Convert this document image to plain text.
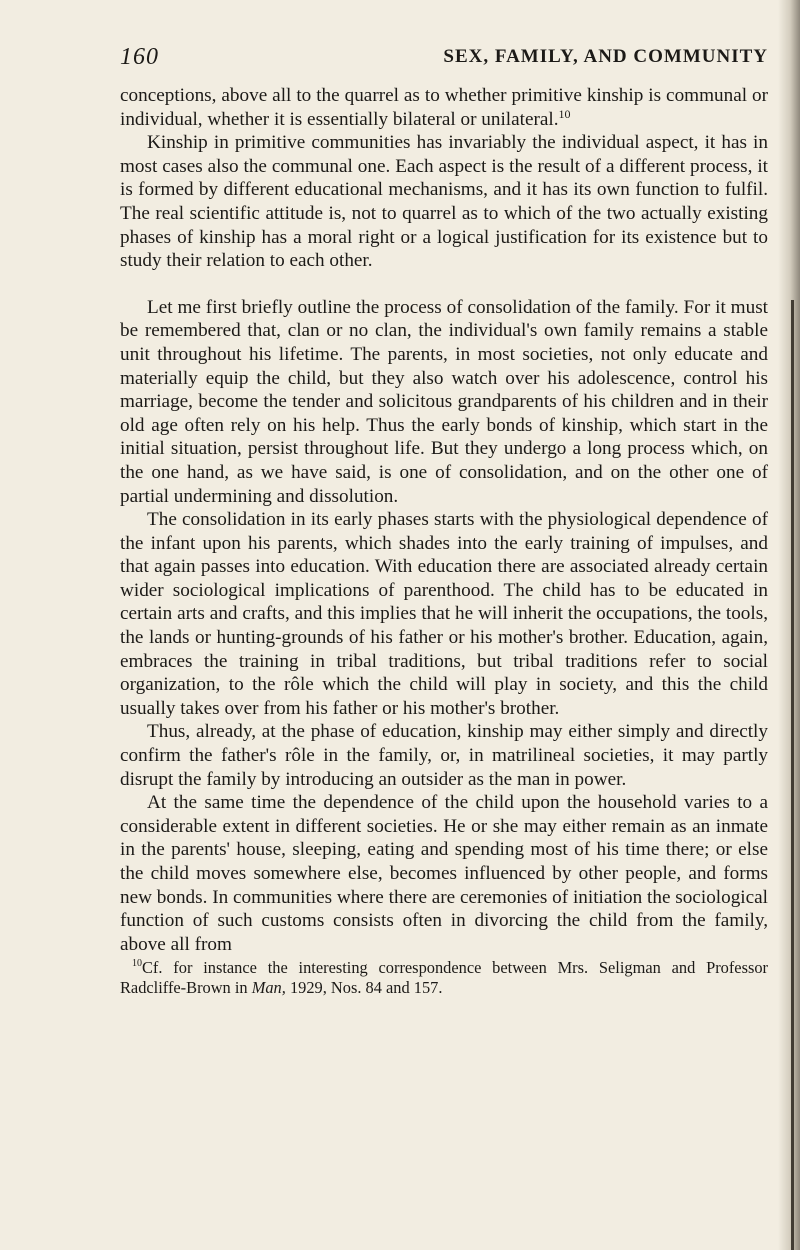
160	SEX, FAMILY, AND COMMUNITY

conceptions, above all to the quarrel as to whether primitive kinship is communal or individual, whether it is essentially bilateral or unilateral.$^{10}$

Kinship in primitive communities has invariably the individual aspect, it has in most cases also the communal one. Each aspect is the result of a different process, it is formed by different educational mechanisms, and it has its own function to fulfil. The real scientific attitude is, not to quarrel as to which of the two actually existing phases of kinship has a moral right or a logical justification for its existence but to study their relation to each other.

Let me first briefly outline the process of consolidation of the family. For it must be remembered that, clan or no clan, the individual's own family remains a stable unit throughout his lifetime. The parents, in most societies, not only educate and materially equip the child, but they also watch over his adolescence, control his marriage, become the tender and solicitous grandparents of his children and in their old age often rely on his help. Thus the early bonds of kinship, which start in the initial situation, persist throughout life. But they undergo a long process which, on the one hand, as we have said, is one of consolidation, and on the other one of partial undermining and dissolution.

The consolidation in its early phases starts with the physiological dependence of the infant upon his parents, which shades into the early training of impulses, and that again passes into education. With education there are associated already certain wider sociological implications of parenthood. The child has to be educated in certain arts and crafts, and this implies that he will inherit the occupations, the tools, the lands or hunting-grounds of his father or his mother's brother. Education, again, embraces the training in tribal traditions, but tribal traditions refer to social organization, to the rôle which the child will play in society, and this the child usually takes over from his father or his mother's brother.

Thus, already, at the phase of education, kinship may either simply and directly confirm the father's rôle in the family, or, in matrilineal societies, it may partly disrupt the family by introducing an outsider as the man in power.

At the same time the dependence of the child upon the household varies to a considerable extent in different societies. He or she may either remain as an inmate in the parents' house, sleeping, eating and spending most of his time there; or else the child moves somewhere else, becomes influenced by other people, and forms new bonds. In communities where there are ceremonies of initiation the sociological function of such customs consists often in divorcing the child from the family, above all from

$^{10}$Cf. for instance the interesting correspondence between Mrs. Seligman and Professor Radcliffe-Brown in Man, 1929, Nos. 84 and 157.
